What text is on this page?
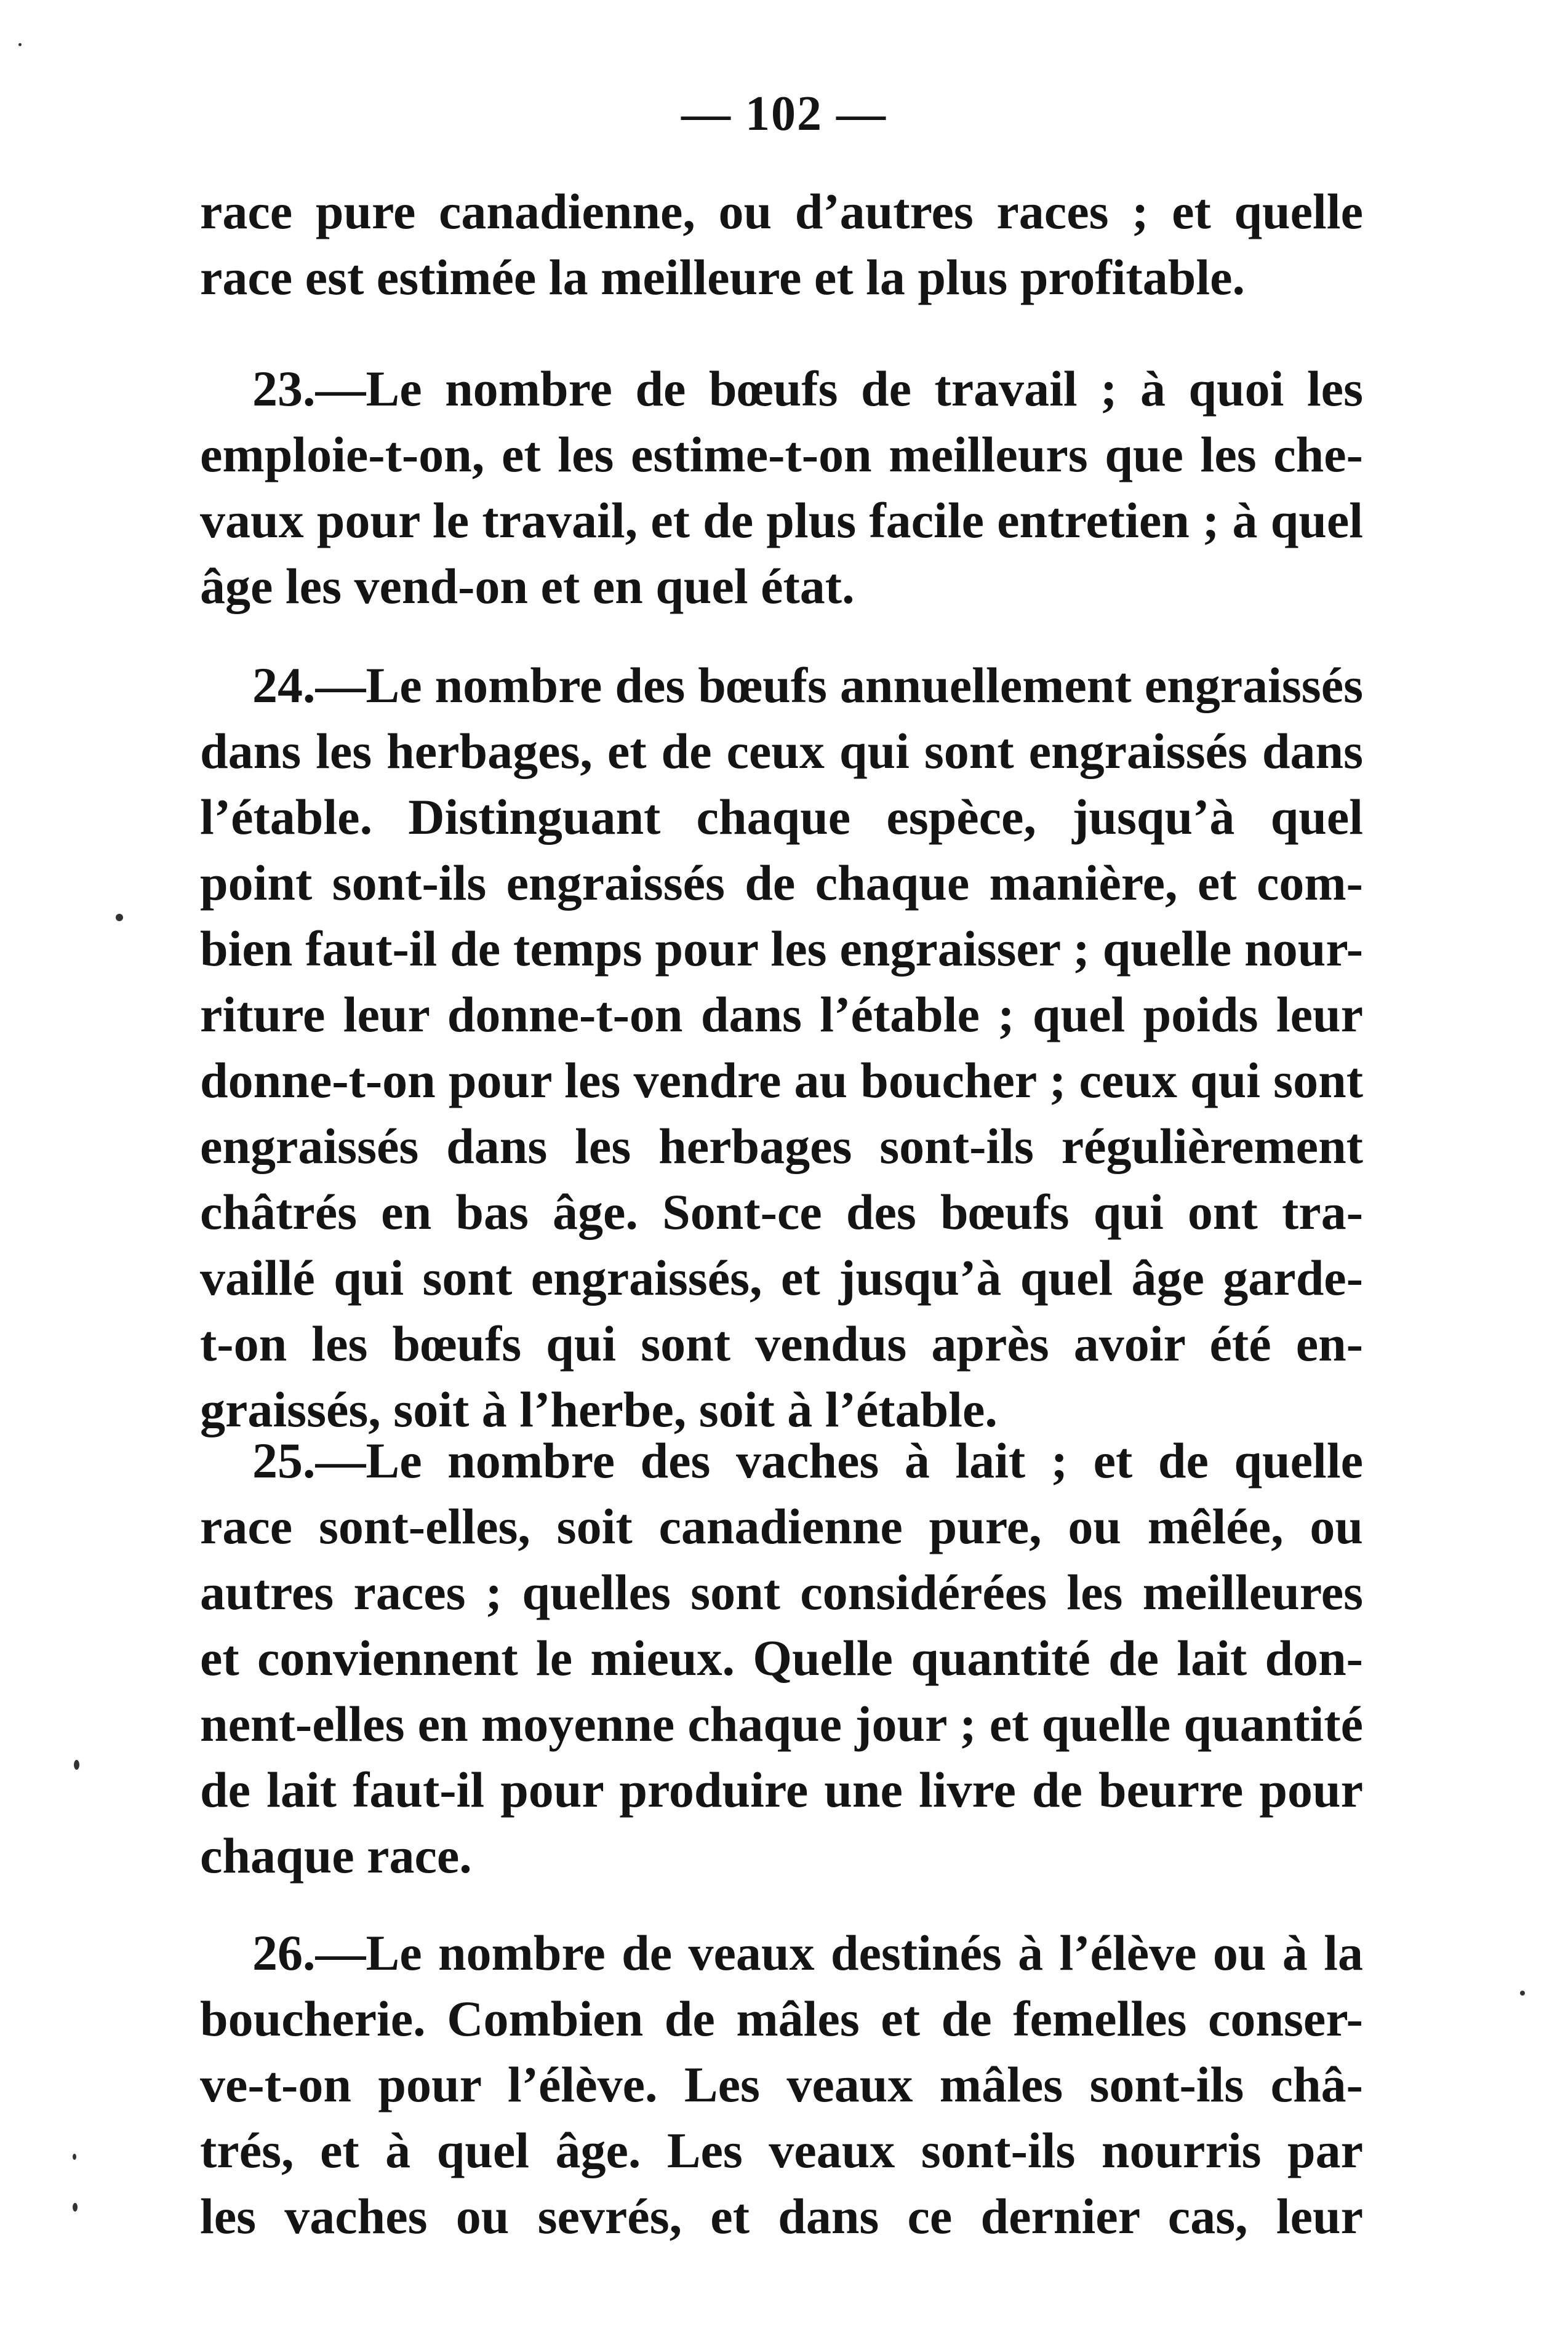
— 102 —
race pure canadienne, ou d’autres races ; et quelle
race est estimée la meilleure et la plus profitable.
23.—Le nombre de bœufs de travail ; à quoi les
emploie-t-on, et les estime-t-on meilleurs que les che-
vaux pour le travail, et de plus facile entretien ; à quel
âge les vend-on et en quel état.
24.—Le nombre des bœufs annuellement engraissés
dans les herbages, et de ceux qui sont engraissés dans
l’étable. Distinguant chaque espèce, jusqu’à quel
point sont-ils engraissés de chaque manière, et com-
bien faut-il de temps pour les engraisser ; quelle nour-
riture leur donne-t-on dans l’étable ; quel poids leur
donne-t-on pour les vendre au boucher ; ceux qui sont
engraissés dans les herbages sont-ils régulièrement
châtrés en bas âge. Sont-ce des bœufs qui ont tra-
vaillé qui sont engraissés, et jusqu’à quel âge garde-
t-on les bœufs qui sont vendus après avoir été en-
graissés, soit à l’herbe, soit à l’étable.
25.—Le nombre des vaches à lait ; et de quelle
race sont-elles, soit canadienne pure, ou mêlée, ou
autres races ; quelles sont considérées les meilleures
et conviennent le mieux. Quelle quantité de lait don-
nent-elles en moyenne chaque jour ; et quelle quantité
de lait faut-il pour produire une livre de beurre pour
chaque race.
26.—Le nombre de veaux destinés à l’élève ou à la
boucherie. Combien de mâles et de femelles conser-
ve-t-on pour l’élève. Les veaux mâles sont-ils châ-
trés, et à quel âge. Les veaux sont-ils nourris par
les vaches ou sevrés, et dans ce dernier cas, leur
